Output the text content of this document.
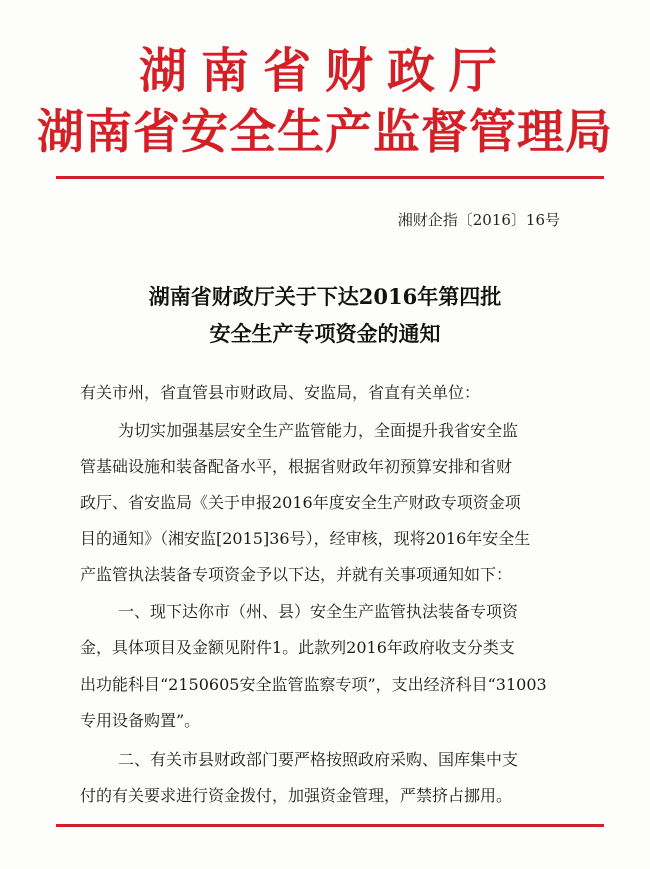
湖南省财政厅
湖南省安全生产监督管理局
湘财企指〔2016〕16号
湖南省财政厅关于下达2016年第四批
安全生产专项资金的通知
有关市州，省直管县市财政局、安监局，省直有关单位：
为切实加强基层安全生产监管能力，全面提升我省安全监
管基础设施和装备配备水平，根据省财政年初预算安排和省财
政厅、省安监局《关于申报2016年度安全生产财政专项资金项
目的通知》（湘安监[2015]36号），经审核，现将2016年安全生
产监管执法装备专项资金予以下达，并就有关事项通知如下：
一、现下达你市（州、县）安全生产监管执法装备专项资
金，具体项目及金额见附件1。此款列2016年政府收支分类支
出功能科目“2150605安全监管监察专项”，支出经济科目“31003
专用设备购置”。
二、有关市县财政部门要严格按照政府采购、国库集中支
付的有关要求进行资金拨付，加强资金管理，严禁挤占挪用。
